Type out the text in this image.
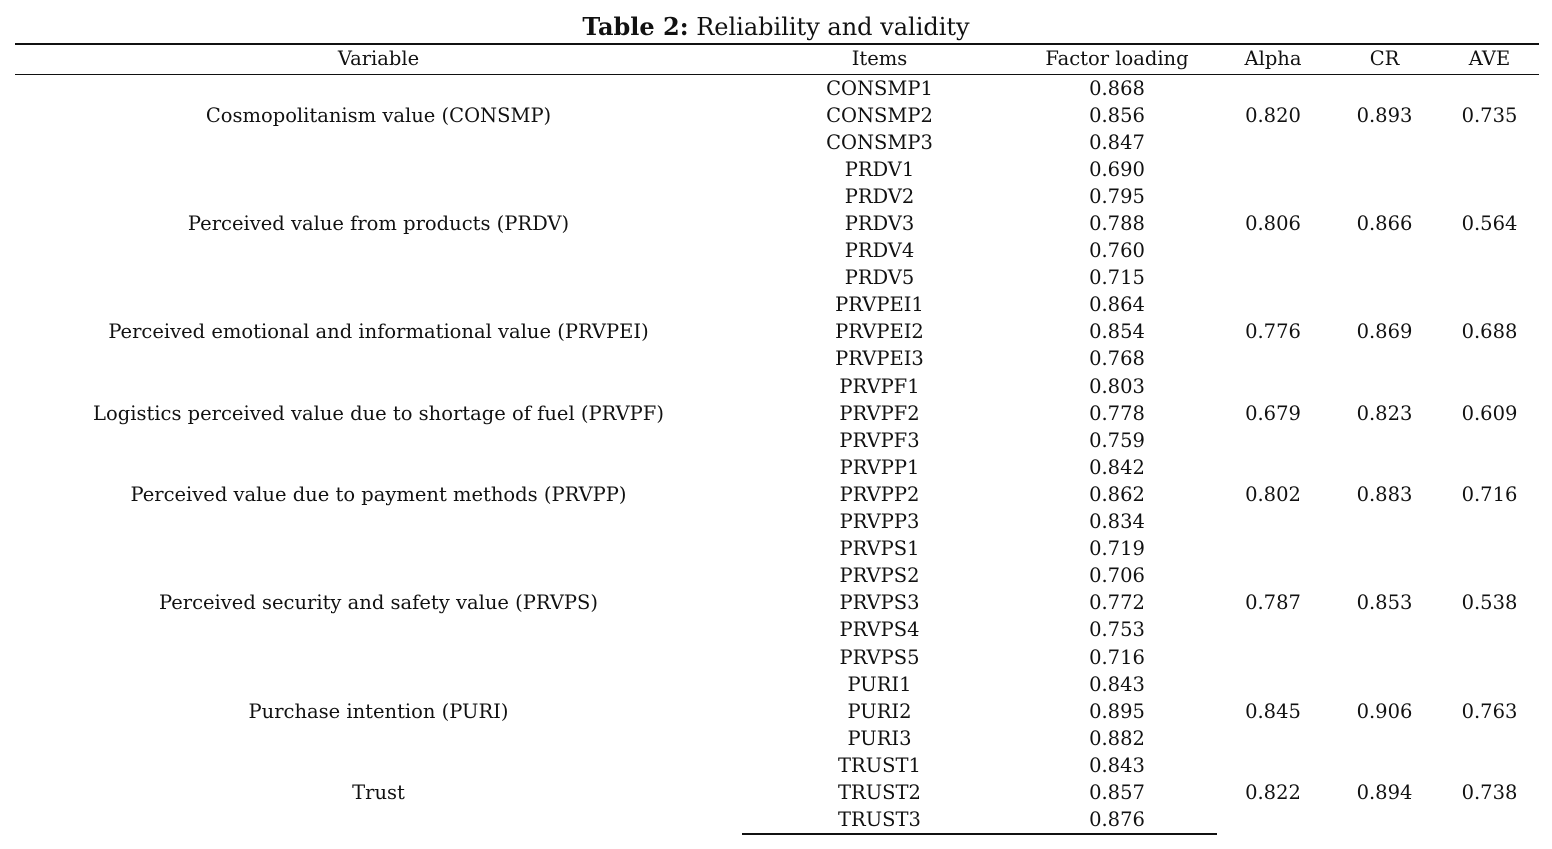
Table 2: Reliability and validity
Variable	Items	Factor loading	Alpha	CR	AVE
Cosmopolitanism value (CONSMP)	CONSMP1	0.868	0.820	0.893	0.735
	CONSMP2	0.856			
	CONSMP3	0.847			
Perceived value from products (PRDV)	PRDV1	0.690	0.806	0.866	0.564
	PRDV2	0.795			
	PRDV3	0.788			
	PRDV4	0.760			
	PRDV5	0.715			
Perceived emotional and informational value (PRVPEI)	PRVPEI1	0.864	0.776	0.869	0.688
	PRVPEI2	0.854			
	PRVPEI3	0.768			
Logistics perceived value due to shortage of fuel (PRVPF)	PRVPF1	0.803	0.679	0.823	0.609
	PRVPF2	0.778			
	PRVPF3	0.759			
Perceived value due to payment methods (PRVPP)	PRVPP1	0.842	0.802	0.883	0.716
	PRVPP2	0.862			
	PRVPP3	0.834			
Perceived security and safety value (PRVPS)	PRVPS1	0.719	0.787	0.853	0.538
	PRVPS2	0.706			
	PRVPS3	0.772			
	PRVPS4	0.753			
	PRVPS5	0.716			
Purchase intention (PURI)	PURI1	0.843	0.845	0.906	0.763
	PURI2	0.895			
	PURI3	0.882			
Trust	TRUST1	0.843	0.822	0.894	0.738
	TRUST2	0.857			
	TRUST3	0.876			
